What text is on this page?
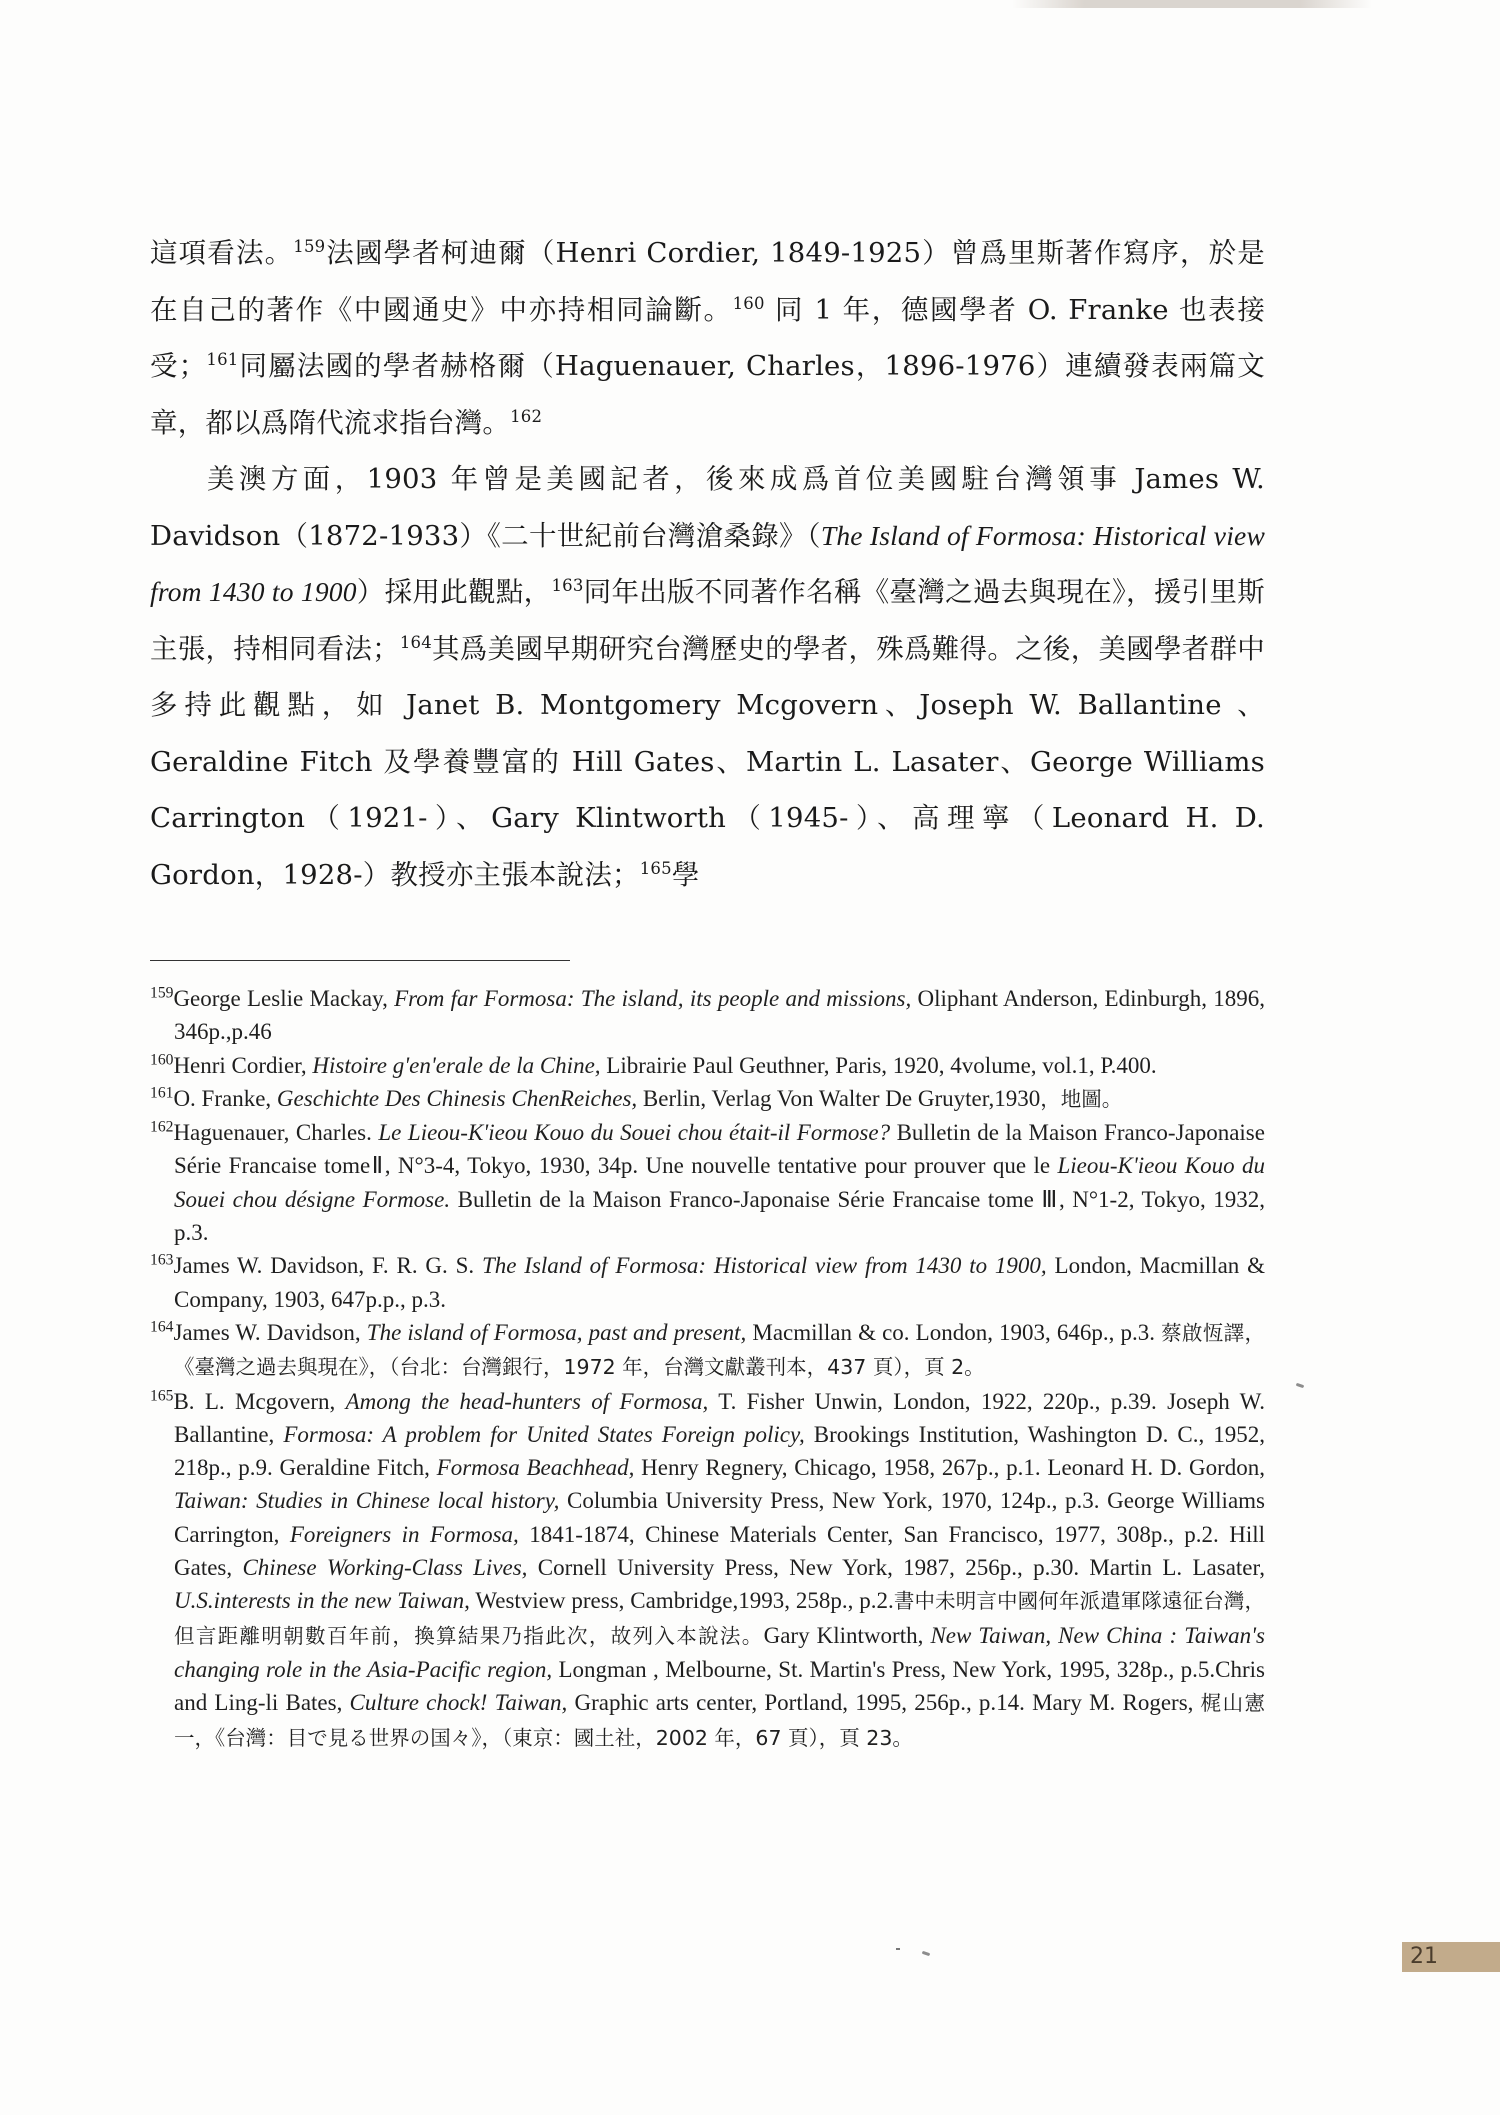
這項看法。$^{159}$法國學者柯迪爾（Henri Cordier, 1849-1925）曾爲里斯著作寫序，於是在自己的著作《中國通史》中亦持相同論斷。$^{160}$ 同 1 年，德國學者 O. Franke 也表接受；$^{161}$同屬法國的學者赫格爾（Haguenauer, Charles，1896-1976）連續發表兩篇文章，都以爲隋代流求指台灣。$^{162}$

美澳方面，1903 年曾是美國記者，後來成爲首位美國駐台灣領事 James W. Davidson（1872-1933）《二十世紀前台灣滄桑錄》（The Island of Formosa: Historical view from 1430 to 1900）採用此觀點，$^{163}$同年出版不同著作名稱《臺灣之過去與現在》，援引里斯主張，持相同看法；$^{164}$其爲美國早期研究台灣歷史的學者，殊爲難得。之後，美國學者群中多持此觀點，如 Janet B. Montgomery Mcgovern、Joseph W. Ballantine 、Geraldine Fitch 及學養豐富的 Hill Gates、Martin L. Lasater、George Williams Carrington（1921-）、Gary Klintworth（1945-）、高理寧（Leonard H. D. Gordon，1928-）教授亦主張本說法；$^{165}$學

$^{159}$George Leslie Mackay, From far Formosa: The island, its people and missions, Oliphant Anderson, Edinburgh, 1896, 346p.,p.46
$^{160}$Henri Cordier, Histoire g'en'erale de la Chine, Librairie Paul Geuthner, Paris, 1920, 4volume, vol.1, P.400.
$^{161}$O. Franke, Geschichte Des Chinesis ChenReiches, Berlin, Verlag Von Walter De Gruyter,1930，地圖。
$^{162}$Haguenauer, Charles. Le Lieou-K'ieou Kouo du Souei chou était-il Formose? Bulletin de la Maison Franco-Japonaise Série Francaise tomeⅡ, N°3-4, Tokyo, 1930, 34p. Une nouvelle tentative pour prouver que le Lieou-K'ieou Kouo du Souei chou désigne Formose. Bulletin de la Maison Franco-Japonaise Série Francaise tome Ⅲ, N°1-2, Tokyo, 1932, p.3.
$^{163}$James W. Davidson, F. R. G. S. The Island of Formosa: Historical view from 1430 to 1900, London, Macmillan & Company, 1903, 647p.p., p.3.
$^{164}$James W. Davidson, The island of Formosa, past and present, Macmillan & co. London, 1903, 646p., p.3. 蔡啟恆譯，《臺灣之過去與現在》，（台北：台灣銀行，1972 年，台灣文獻叢刊本，437 頁），頁 2。
$^{165}$B. L. Mcgovern, Among the head-hunters of Formosa, T. Fisher Unwin, London, 1922, 220p., p.39. Joseph W. Ballantine, Formosa: A problem for United States Foreign policy, Brookings Institution, Washington D. C., 1952, 218p., p.9. Geraldine Fitch, Formosa Beachhead, Henry Regnery, Chicago, 1958, 267p., p.1. Leonard H. D. Gordon, Taiwan: Studies in Chinese local history, Columbia University Press, New York, 1970, 124p., p.3. George Williams Carrington, Foreigners in Formosa, 1841-1874, Chinese Materials Center, San Francisco, 1977, 308p., p.2. Hill Gates, Chinese Working-Class Lives, Cornell University Press, New York, 1987, 256p., p.30. Martin L. Lasater, U.S.interests in the new Taiwan, Westview press, Cambridge,1993, 258p., p.2.書中未明言中國何年派遣軍隊遠征台灣，但言距離明朝數百年前，換算結果乃指此次，故列入本說法。Gary Klintworth, New Taiwan, New China : Taiwan's changing role in the Asia-Pacific region, Longman , Melbourne, St. Martin's Press, New York, 1995, 328p., p.5.Chris and Ling-li Bates, Culture chock! Taiwan, Graphic arts center, Portland, 1995, 256p., p.14. Mary M. Rogers, 梶山憲一，《台灣：目で見る世界の国々》，（東京：國土社，2002 年，67 頁），頁 23。
21
